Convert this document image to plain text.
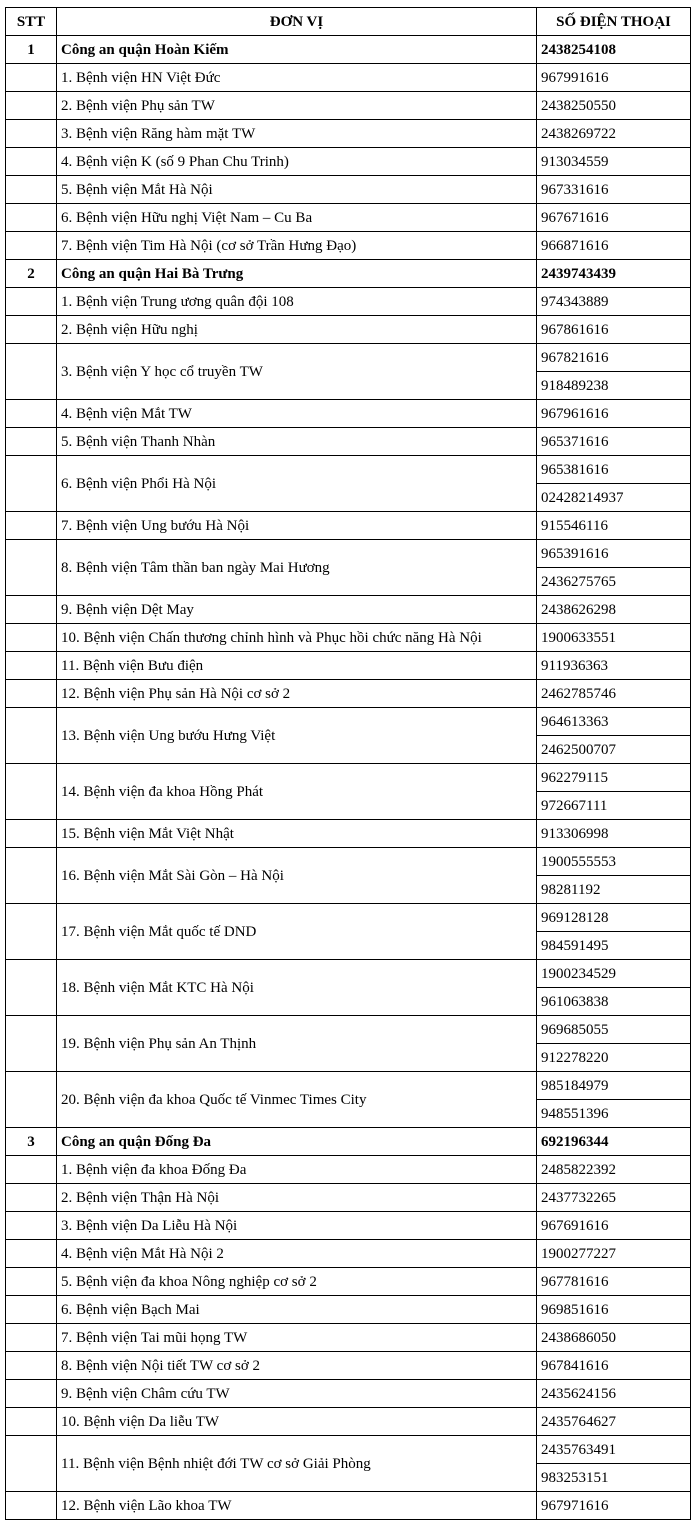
STT	ĐƠN VỊ	SỐ ĐIỆN THOẠI
1	Công an quận Hoàn Kiếm	2438254108
	1. Bệnh viện HN Việt Đức	967991616
	2. Bệnh viện Phụ sản TW	2438250550
	3. Bệnh viện Răng hàm mặt TW	2438269722
	4. Bệnh viện K (số 9 Phan Chu Trinh)	913034559
	5. Bệnh viện Mắt Hà Nội	967331616
	6. Bệnh viện Hữu nghị Việt Nam – Cu Ba	967671616
	7. Bệnh viện Tim Hà Nội (cơ sở Trần Hưng Đạo)	966871616
2	Công an quận Hai Bà Trưng	2439743439
	1. Bệnh viện Trung ương quân đội 108	974343889
	2. Bệnh viện Hữu nghị	967861616
	3. Bệnh viện Y học cổ truyền TW	967821616
		918489238
	4. Bệnh viện Mắt TW	967961616
	5. Bệnh viện Thanh Nhàn	965371616
	6. Bệnh viện Phổi Hà Nội	965381616
		02428214937
	7. Bệnh viện Ung bướu Hà Nội	915546116
	8. Bệnh viện Tâm thần ban ngày Mai Hương	965391616
		2436275765
	9. Bệnh viện Dệt May	2438626298
	10. Bệnh viện Chấn thương chỉnh hình và Phục hồi chức năng Hà Nội	1900633551
	11. Bệnh viện Bưu điện	911936363
	12. Bệnh viện Phụ sản Hà Nội cơ sở 2	2462785746
	13. Bệnh viện Ung bướu Hưng Việt	964613363
		2462500707
	14. Bệnh viện đa khoa Hồng Phát	962279115
		972667111
	15. Bệnh viện Mắt Việt Nhật	913306998
	16. Bệnh viện Mắt Sài Gòn – Hà Nội	1900555553
		98281192
	17. Bệnh viện Mắt quốc tế DND	969128128
		984591495
	18. Bệnh viện Mắt KTC Hà Nội	1900234529
		961063838
	19. Bệnh viện Phụ sản An Thịnh	969685055
		912278220
	20. Bệnh viện đa khoa Quốc tế Vinmec Times City	985184979
		948551396
3	Công an quận Đống Đa	692196344
	1. Bệnh viện đa khoa Đống Đa	2485822392
	2. Bệnh viện Thận Hà Nội	2437732265
	3. Bệnh viện Da Liễu Hà Nội	967691616
	4. Bệnh viện Mắt Hà Nội 2	1900277227
	5. Bệnh viện đa khoa Nông nghiệp cơ sở 2	967781616
	6. Bệnh viện Bạch Mai	969851616
	7. Bệnh viện Tai mũi họng TW	2438686050
	8. Bệnh viện Nội tiết TW cơ sở 2	967841616
	9. Bệnh viện Châm cứu TW	2435624156
	10. Bệnh viện Da liễu TW	2435764627
	11. Bệnh viện Bệnh nhiệt đới TW cơ sở Giải Phòng	2435763491
		983253151
	12. Bệnh viện Lão khoa TW	967971616
